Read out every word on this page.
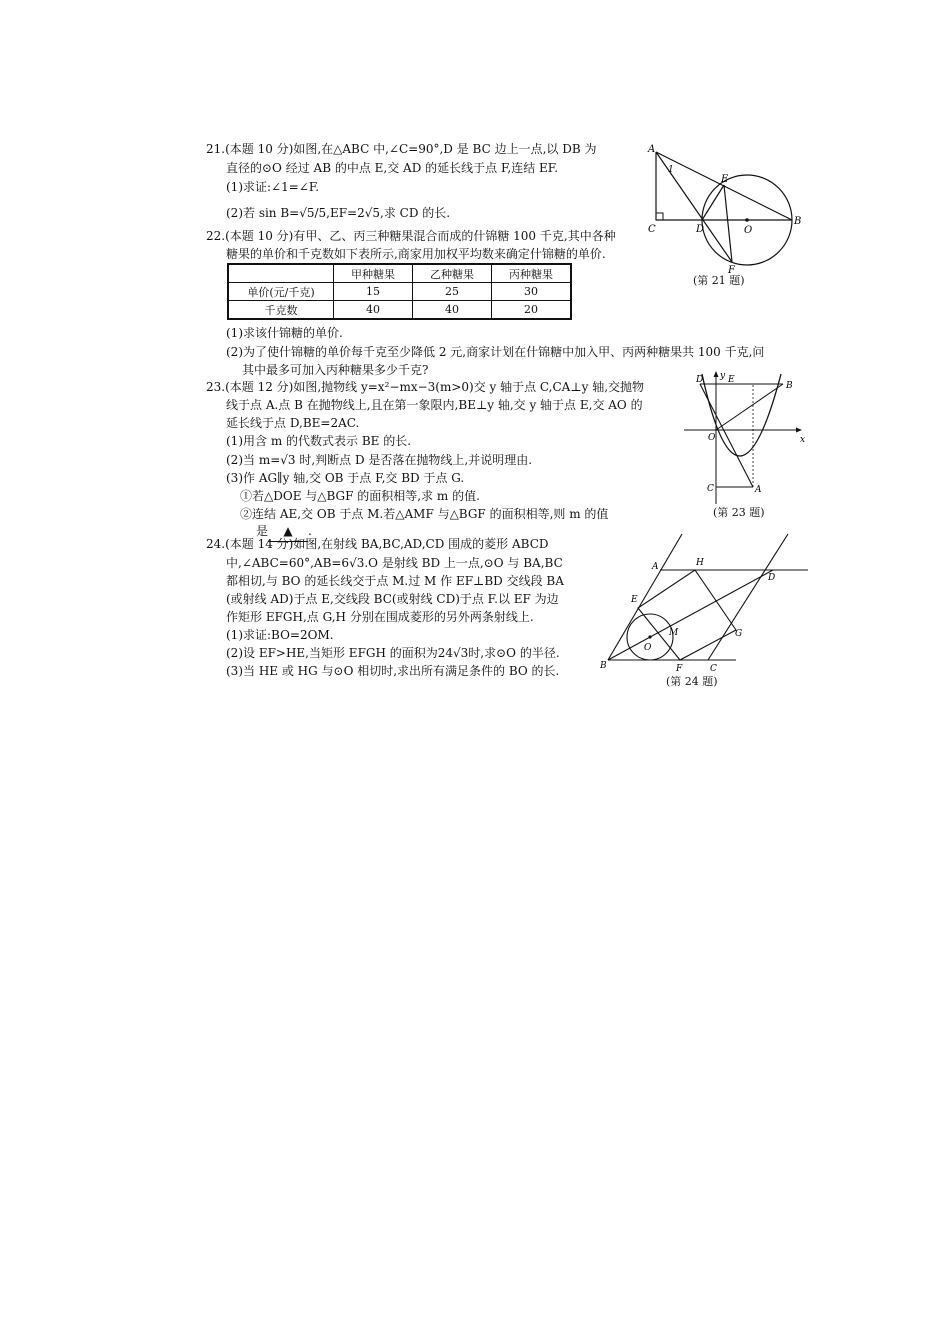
21.(本题 10 分)如图,在△ABC 中,∠C=90°,D 是 BC 边上一点,以 DB 为
直径的⊙O 经过 AB 的中点 E,交 AD 的延长线于点 F,连结 EF.
(1)求证:∠1=∠F.
(2)若 sin B=√5/5,EF=2√5,求 CD 的长.
A
1
E
C	D	O
B
F
(第 21 题)
22.(本题 10 分)有甲、乙、丙三种糖果混合而成的什锦糖 100 千克,其中各种
糖果的单价和千克数如下表所示,商家用加权平均数来确定什锦糖的单价.
	甲种糖果	乙种糖果	丙种糖果
单价(元/千克)	15	25	30
千克数	40	40	20
(1)求该什锦糖的单价.
(2)为了使什锦糖的单价每千克至少降低 2 元,商家计划在什锦糖中加入甲、丙两种糖果共 100 千克,问
其中最多可加入丙种糖果多少千克?
23.(本题 12 分)如图,抛物线 y=x²−mx−3(m>0)交 y 轴于点 C,CA⊥y 轴,交抛物
线于点 A.点 B 在抛物线上,且在第一象限内,BE⊥y 轴,交 y 轴于点 E,交 AO 的
延长线于点 D,BE=2AC.
(1)用含 m 的代数式表示 BE 的长.
(2)当 m=√3 时,判断点 D 是否落在抛物线上,并说明理由.
(3)作 AG∥y 轴,交 OB 于点 F,交 BD 于点 G.
①若△DOE 与△BGF 的面积相等,求 m 的值.
②连结 AE,交 OB 于点 M.若△AMF 与△BGF 的面积相等,则 m 的值
是 ▲ .
y
D	E
B
O	x
C	A
(第 23 题)
24.(本题 14 分)如图,在射线 BA,BC,AD,CD 围成的菱形 ABCD
中,∠ABC=60°,AB=6√3.O 是射线 BD 上一点,⊙O 与 BA,BC
都相切,与 BO 的延长线交于点 M.过 M 作 EF⊥BD 交线段 BA
(或射线 AD)于点 E,交线段 BC(或射线 CD)于点 F.以 EF 为边
作矩形 EFGH,点 G,H 分别在围成菱形的另外两条射线上.
(1)求证:BO=2OM.
(2)设 EF>HE,当矩形 EFGH 的面积为24√3时,求⊙O 的半径.
(3)当 HE 或 HG 与⊙O 相切时,求出所有满足条件的 BO 的长.
A	H
D
E
M	G
O
B	F	C
(第 24 题)
